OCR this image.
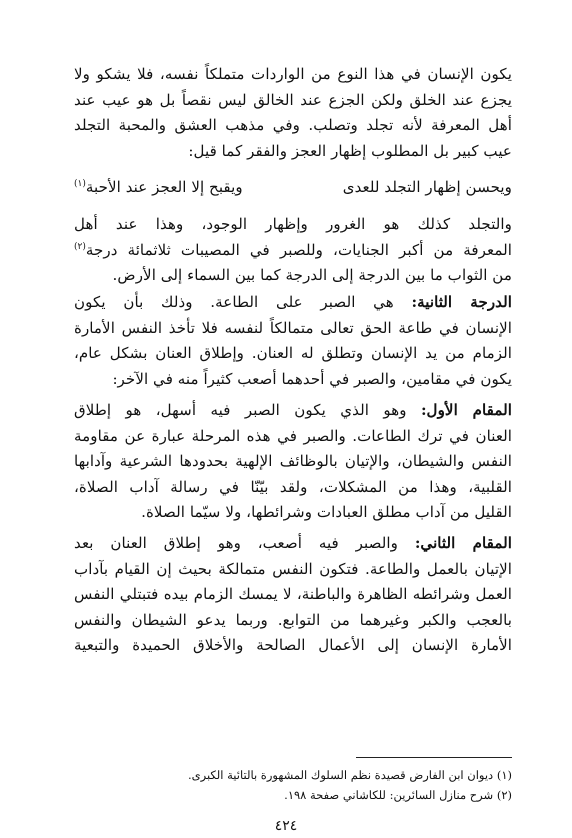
يكون الإنسان في هذا النوع من الواردات متملكاً نفسه، فلا يشكو ولا
يجزع عند الخلق ولكن الجزع عند الخالق ليس نقصاً بل هو عيب عند
أهل المعرفة لأنه تجلد وتصلب. وفي مذهب العشق والمحبة التجلد
عيب كبير بل المطلوب إظهار العجز والفقر كما قيل:
ويحسن إظهار التجلد للعدى
ويقبح إلا العجز عند الأحبة$^{(١)}$
والتجلد كذلك هو الغرور وإظهار الوجود، وهذا عند أهل
المعرفة من أكبر الجنايات، وللصبر في المصيبات ثلاثمائة درجة$^{(٢)}$
من الثواب ما بين الدرجة إلى الدرجة كما بين السماء إلى الأرض.
الدرجة الثانية: هي الصبر على الطاعة. وذلك بأن يكون
الإنسان في طاعة الحق تعالى متمالكاً لنفسه فلا تأخذ النفس الأمارة
الزمام من يد الإنسان وتطلق له العنان. وإطلاق العنان بشكل عام،
يكون في مقامين، والصبر في أحدهما أصعب كثيراً منه في الآخر:
المقام الأول: وهو الذي يكون الصبر فيه أسهل، هو إطلاق
العنان في ترك الطاعات. والصبر في هذه المرحلة عبارة عن مقاومة
النفس والشيطان، والإتيان بالوظائف الإلهية بحدودها الشرعية وآدابها
القلبية، وهذا من المشكلات، ولقد بيّنّا في رسالة آداب الصلاة،
القليل من آداب مطلق العبادات وشرائطها، ولا سيّما الصلاة.
المقام الثاني: والصبر فيه أصعب، وهو إطلاق العنان بعد
الإتيان بالعمل والطاعة. فتكون النفس متمالكة بحيث إن القيام بآداب
العمل وشرائطه الظاهرة والباطنة، لا يمسك الزمام بيده فتبتلي النفس
بالعجب والكبر وغيرهما من التوابع. وربما يدعو الشيطان والنفس
الأمارة الإنسان إلى الأعمال الصالحة والأخلاق الحميدة والتبعية
(١) ديوان ابن الفارض قصيدة نظم السلوك المشهورة بالتائية الكبرى.
(٢) شرح منازل السائرين: للكاشاني صفحة ١٩٨.
٤٢٤
